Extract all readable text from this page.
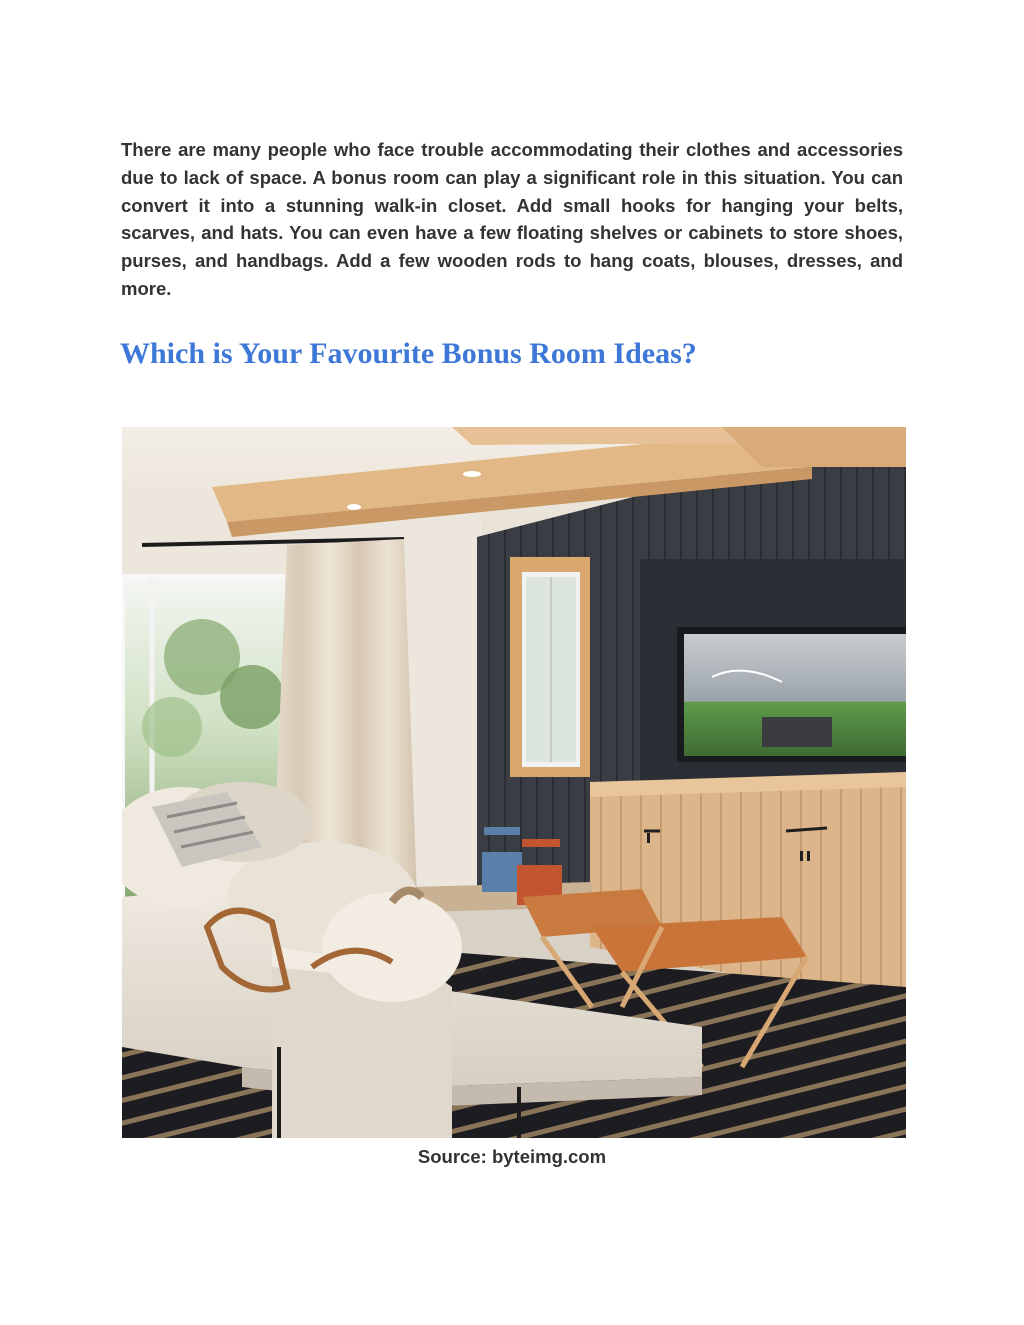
There are many people who face trouble accommodating their clothes and accessories due to lack of space. A bonus room can play a significant role in this situation. You can convert it into a stunning walk-in closet. Add small hooks for hanging your belts, scarves, and hats. You can even have a few floating shelves or cabinets to store shoes, purses, and handbags. Add a few wooden rods to hang coats, blouses, dresses, and more.

Which is Your Favourite Bonus Room Ideas?

Source: byteimg.com
